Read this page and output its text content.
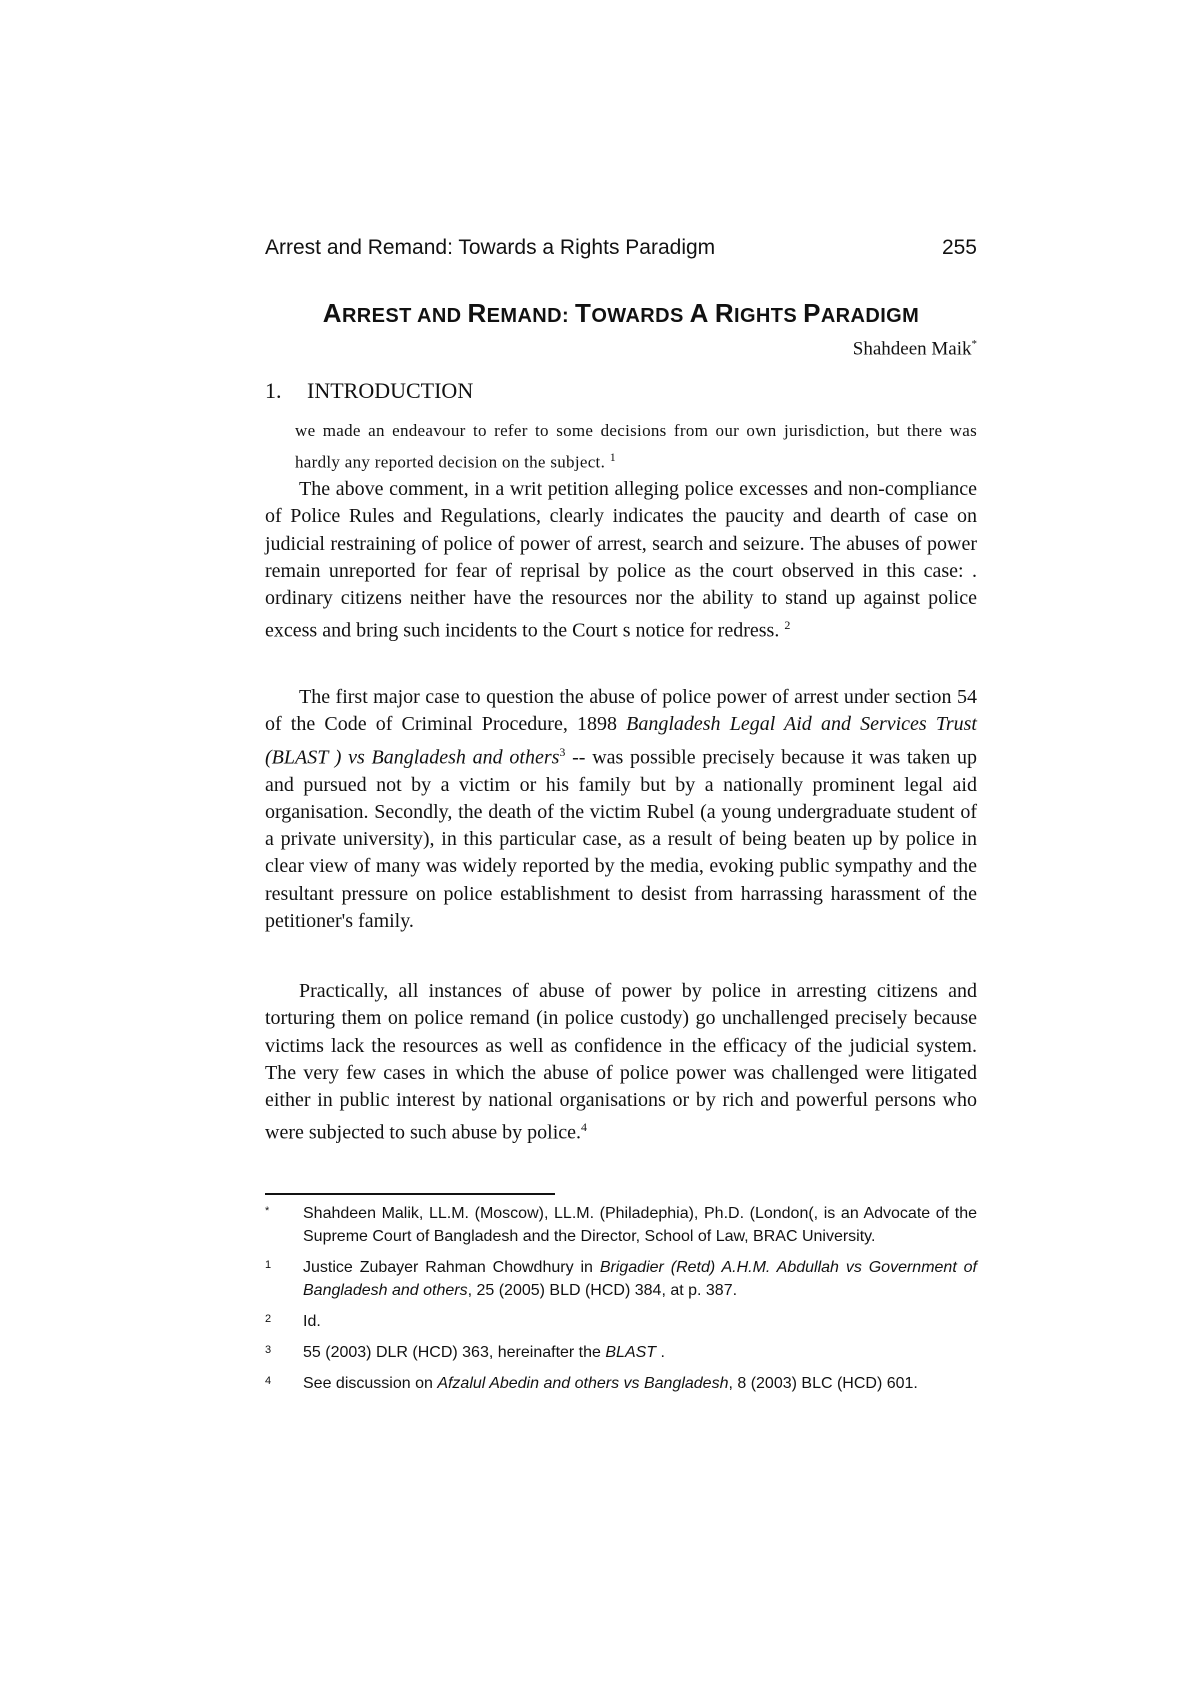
Arrest and Remand: Towards a Rights Paradigm	255
ARREST AND REMAND: TOWARDS A RIGHTS PARADIGM
Shahdeen Maik*
1. INTRODUCTION
we made an endeavour to refer to some decisions from our own jurisdiction, but there was hardly any reported decision on the subject. $^1$

The above comment, in a writ petition alleging police excesses and non-compliance of Police Rules and Regulations, clearly indicates the paucity and dearth of case on judicial restraining of police of power of arrest, search and seizure. The abuses of power remain unreported for fear of reprisal by police as the court observed in this case: . ordinary citizens neither have the resources nor the ability to stand up against police excess and bring such incidents to the Court s notice for redress. $^2$

The first major case to question the abuse of police power of arrest under section 54 of the Code of Criminal Procedure, 1898 Bangladesh Legal Aid and Services Trust (BLAST ) vs Bangladesh and others$^3$ -- was possible precisely because it was taken up and pursued not by a victim or his family but by a nationally prominent legal aid organisation. Secondly, the death of the victim Rubel (a young undergraduate student of a private university), in this particular case, as a result of being beaten up by police in clear view of many was widely reported by the media, evoking public sympathy and the resultant pressure on police establishment to desist from harrassing harassment of the petitioner's family.

Practically, all instances of abuse of power by police in arresting citizens and torturing them on police remand (in police custody) go unchallenged precisely because victims lack the resources as well as confidence in the efficacy of the judicial system. The very few cases in which the abuse of police power was challenged were litigated either in public interest by national organisations or by rich and powerful persons who were subjected to such abuse by police.$^4$

*	Shahdeen Malik, LL.M. (Moscow), LL.M. (Philadephia), Ph.D. (London(, is an Advocate of the Supreme Court of Bangladesh and the Director, School of Law, BRAC University.
1	Justice Zubayer Rahman Chowdhury in Brigadier (Retd) A.H.M. Abdullah vs Government of Bangladesh and others, 25 (2005) BLD (HCD) 384, at p. 387.
2	Id.
3	55 (2003) DLR (HCD) 363, hereinafter the BLAST .
4	See discussion on Afzalul Abedin and others vs Bangladesh, 8 (2003) BLC (HCD) 601.
